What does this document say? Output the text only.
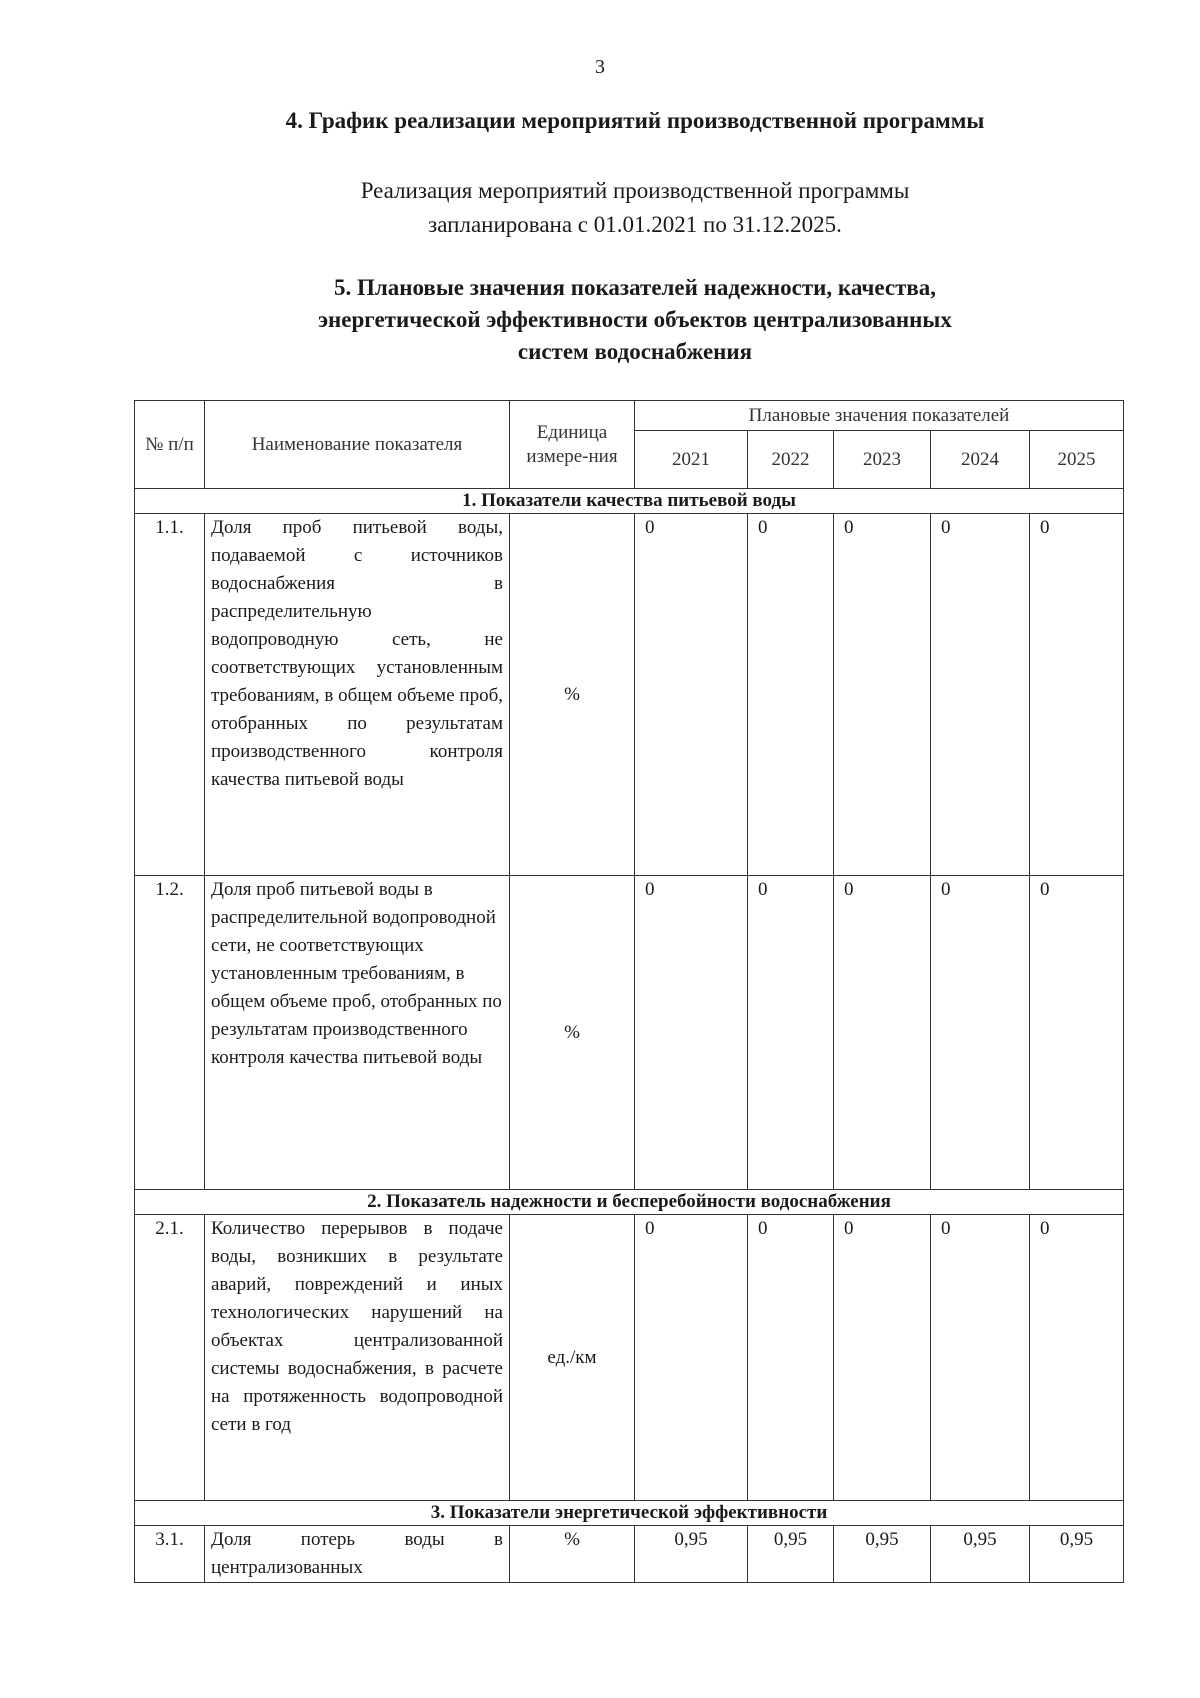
3
4. График реализации мероприятий производственной программы
Реализация мероприятий производственной программы
запланирована с 01.01.2021 по 31.12.2025.
5. Плановые значения показателей надежности, качества,
энергетической эффективности объектов централизованных
систем водоснабжения
№ п/п	Наименование показателя	Единица измере-ния	Плановые значения показателей				
			2021	2022	2023	2024	2025
1. Показатели качества питьевой воды							
1.1.	Доля проб питьевой воды, подаваемой с источников водоснабжения в распределительную водопроводную сеть, не соответствующих установленным требованиям, в общем объеме проб, отобранных по результатам производственного контроля качества питьевой воды	%	0	0	0	0	0
1.2.	Доля проб питьевой воды в распределительной водопроводной сети, не соответствующих установленным требованиям, в общем объеме проб, отобранных по результатам производственного контроля качества питьевой воды	%	0	0	0	0	0
2. Показатель надежности и бесперебойности водоснабжения							
2.1.	Количество перерывов в подаче воды, возникших в результате аварий, повреждений и иных технологических нарушений на объектах централизованной системы водоснабжения, в расчете на протяженность водопроводной сети в год	ед./км	0	0	0	0	0
3. Показатели энергетической эффективности							
3.1.	Доля потерь воды в централизованных	%	0,95	0,95	0,95	0,95	0,95
